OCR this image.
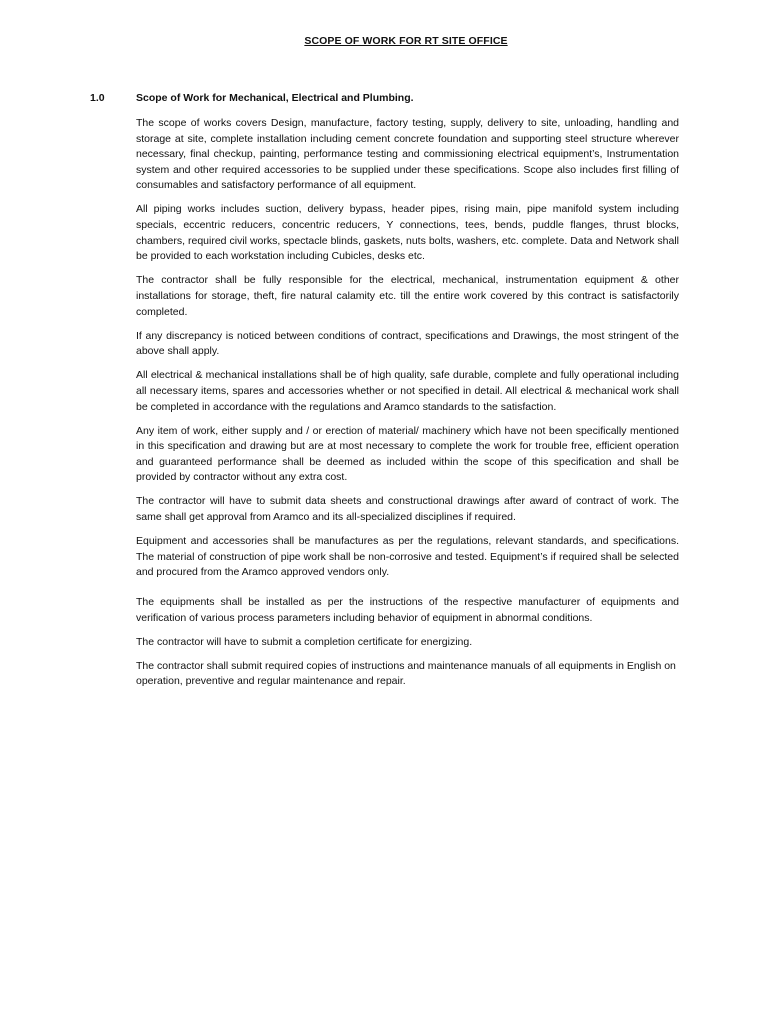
SCOPE OF WORK FOR RT SITE OFFICE
1.0	Scope of Work for Mechanical, Electrical and Plumbing.

The scope of works covers Design, manufacture, factory testing, supply, delivery to site, unloading, handling and storage at site, complete installation including cement concrete foundation and supporting steel structure wherever necessary, final checkup, painting, performance testing and commissioning electrical equipment’s, Instrumentation system and other required accessories to be supplied under these specifications. Scope also includes first filling of consumables and satisfactory performance of all equipment.

All piping works includes suction, delivery bypass, header pipes, rising main, pipe manifold system including specials, eccentric reducers, concentric reducers, Y connections, tees, bends, puddle flanges, thrust blocks, chambers, required civil works, spectacle blinds, gaskets, nuts bolts, washers, etc. complete. Data and Network shall be provided to each workstation including Cubicles, desks etc.

The contractor shall be fully responsible for the electrical, mechanical, instrumentation equipment & other installations for storage, theft, fire natural calamity etc. till the entire work covered by this contract is satisfactorily completed.

If any discrepancy is noticed between conditions of contract, specifications and Drawings, the most stringent of the above shall apply.

All electrical & mechanical installations shall be of high quality, safe durable, complete and fully operational including all necessary items, spares and accessories whether or not specified in detail. All electrical & mechanical work shall be completed in accordance with the regulations and Aramco standards to the satisfaction.

Any item of work, either supply and / or erection of material/ machinery which have not been specifically mentioned in this specification and drawing but are at most necessary to complete the work for trouble free, efficient operation and guaranteed performance shall be deemed as included within the scope of this specification and shall be provided by contractor without any extra cost.

The contractor will have to submit data sheets and constructional drawings after award of contract of work. The same shall get approval from Aramco and its all-specialized disciplines if required.

Equipment and accessories shall be manufactures as per the regulations, relevant standards, and specifications. The material of construction of pipe work shall be non-corrosive and tested. Equipment’s if required shall be selected and procured from the Aramco approved vendors only.

The equipments shall be installed as per the instructions of the respective manufacturer of equipments and verification of various process parameters including behavior of equipment in abnormal conditions.

The contractor will have to submit a completion certificate for energizing.

The contractor shall submit required copies of instructions and maintenance manuals of all equipments in English on operation, preventive and regular maintenance and repair.
